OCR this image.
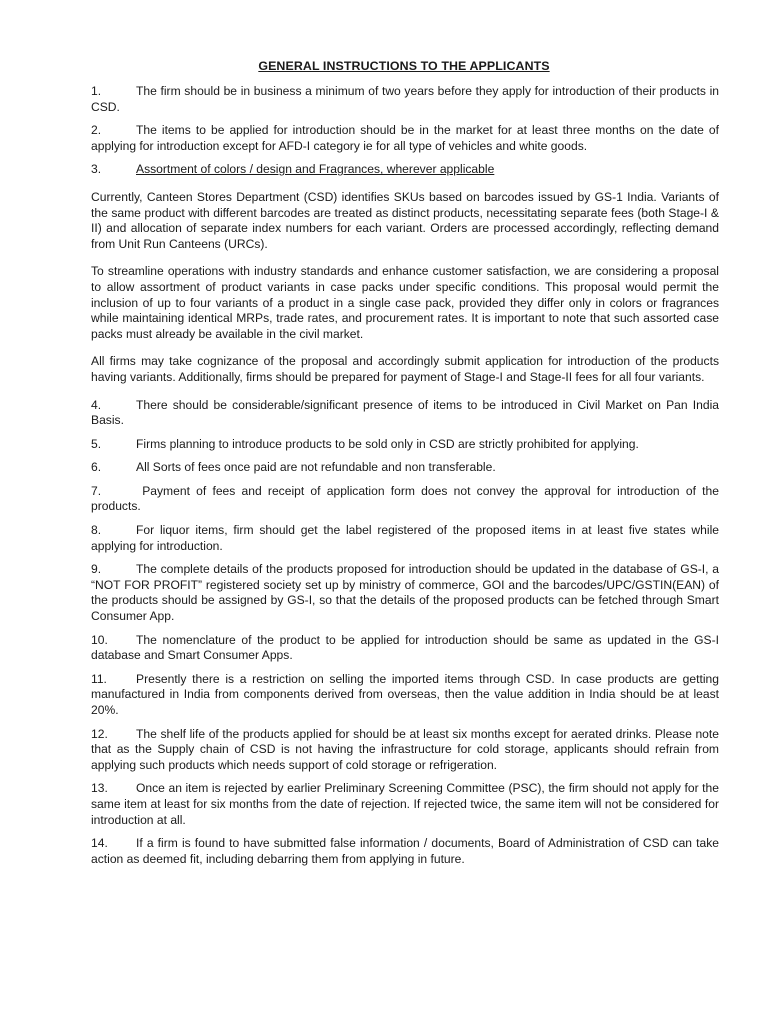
GENERAL INSTRUCTIONS TO THE APPLICANTS

1.	The firm should be in business a minimum of two years before they apply for introduction of their products in CSD.

2.	The items to be applied for introduction should be in the market for at least three months on the date of applying for introduction except for AFD-I category ie for all type of vehicles and white goods.

3.	Assortment of colors / design and Fragrances, wherever applicable

Currently, Canteen Stores Department (CSD) identifies SKUs based on barcodes issued by GS-1 India. Variants of the same product with different barcodes are treated as distinct products, necessitating separate fees (both Stage-I & II) and allocation of separate index numbers for each variant. Orders are processed accordingly, reflecting demand from Unit Run Canteens (URCs).

To streamline operations with industry standards and enhance customer satisfaction, we are considering a proposal to allow assortment of product variants in case packs under specific conditions. This proposal would permit the inclusion of up to four variants of a product in a single case pack, provided they differ only in colors or fragrances while maintaining identical MRPs, trade rates, and procurement rates. It is important to note that such assorted case packs must already be available in the civil market.

All firms may take cognizance of the proposal and accordingly submit application for introduction of the products having variants. Additionally, firms should be prepared for payment of Stage-I and Stage-II fees for all four variants.

4.	There should be considerable/significant presence of items to be introduced in Civil Market on Pan India Basis.

5.	Firms planning to introduce products to be sold only in CSD are strictly prohibited for applying.

6.	All Sorts of fees once paid are not refundable and non transferable.

7.	Payment of fees and receipt of application form does not convey the approval for introduction of the products.

8.	For liquor items, firm should get the label registered of the proposed items in at least five states while applying for introduction.

9.	The complete details of the products proposed for introduction should be updated in the database of GS-I, a “NOT FOR PROFIT” registered society set up by ministry of commerce, GOI and the barcodes/UPC/GSTIN(EAN) of the products should be assigned by GS-I, so that the details of the proposed products can be fetched through Smart Consumer App.

10. The nomenclature of the product to be applied for introduction should be same as updated in the GS-I database and Smart Consumer Apps.

11. Presently there is a restriction on selling the imported items through CSD. In case products are getting manufactured in India from components derived from overseas, then the value addition in India should be at least 20%.

12. The shelf life of the products applied for should be at least six months except for aerated drinks. Please note that as the Supply chain of CSD is not having the infrastructure for cold storage, applicants should refrain from applying such products which needs support of cold storage or refrigeration.

13. Once an item is rejected by earlier Preliminary Screening Committee (PSC), the firm should not apply for the same item at least for six months from the date of rejection. If rejected twice, the same item will not be considered for introduction at all.

14. If a firm is found to have submitted false information / documents, Board of Administration of CSD can take action as deemed fit, including debarring them from applying in future.
